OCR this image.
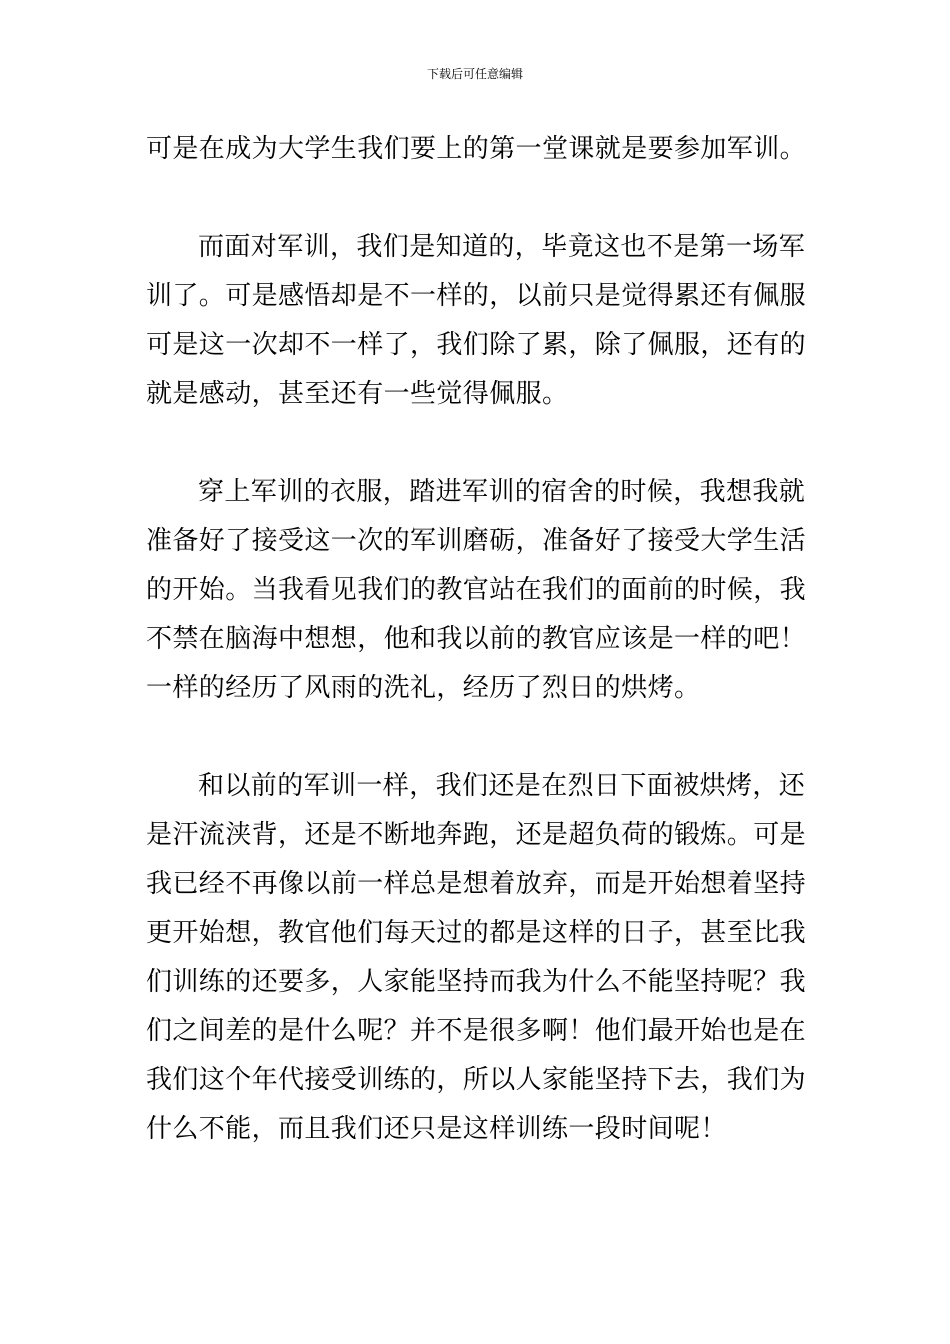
下载后可任意编辑
可是在成为大学生我们要上的第一堂课就是要参加军训。
而面对军训，我们是知道的，毕竟这也不是第一场军
训了。可是感悟却是不一样的，以前只是觉得累还有佩服
可是这一次却不一样了，我们除了累，除了佩服，还有的
就是感动，甚至还有一些觉得佩服。
穿上军训的衣服，踏进军训的宿舍的时候，我想我就
准备好了接受这一次的军训磨砺，准备好了接受大学生活
的开始。当我看见我们的教官站在我们的面前的时候，我
不禁在脑海中想想，他和我以前的教官应该是一样的吧！
一样的经历了风雨的洗礼，经历了烈日的烘烤。
和以前的军训一样，我们还是在烈日下面被烘烤，还
是汗流浃背，还是不断地奔跑，还是超负荷的锻炼。可是
我已经不再像以前一样总是想着放弃，而是开始想着坚持
更开始想，教官他们每天过的都是这样的日子，甚至比我
们训练的还要多，人家能坚持而我为什么不能坚持呢？我
们之间差的是什么呢？并不是很多啊！他们最开始也是在
我们这个年代接受训练的，所以人家能坚持下去，我们为
什么不能，而且我们还只是这样训练一段时间呢！
